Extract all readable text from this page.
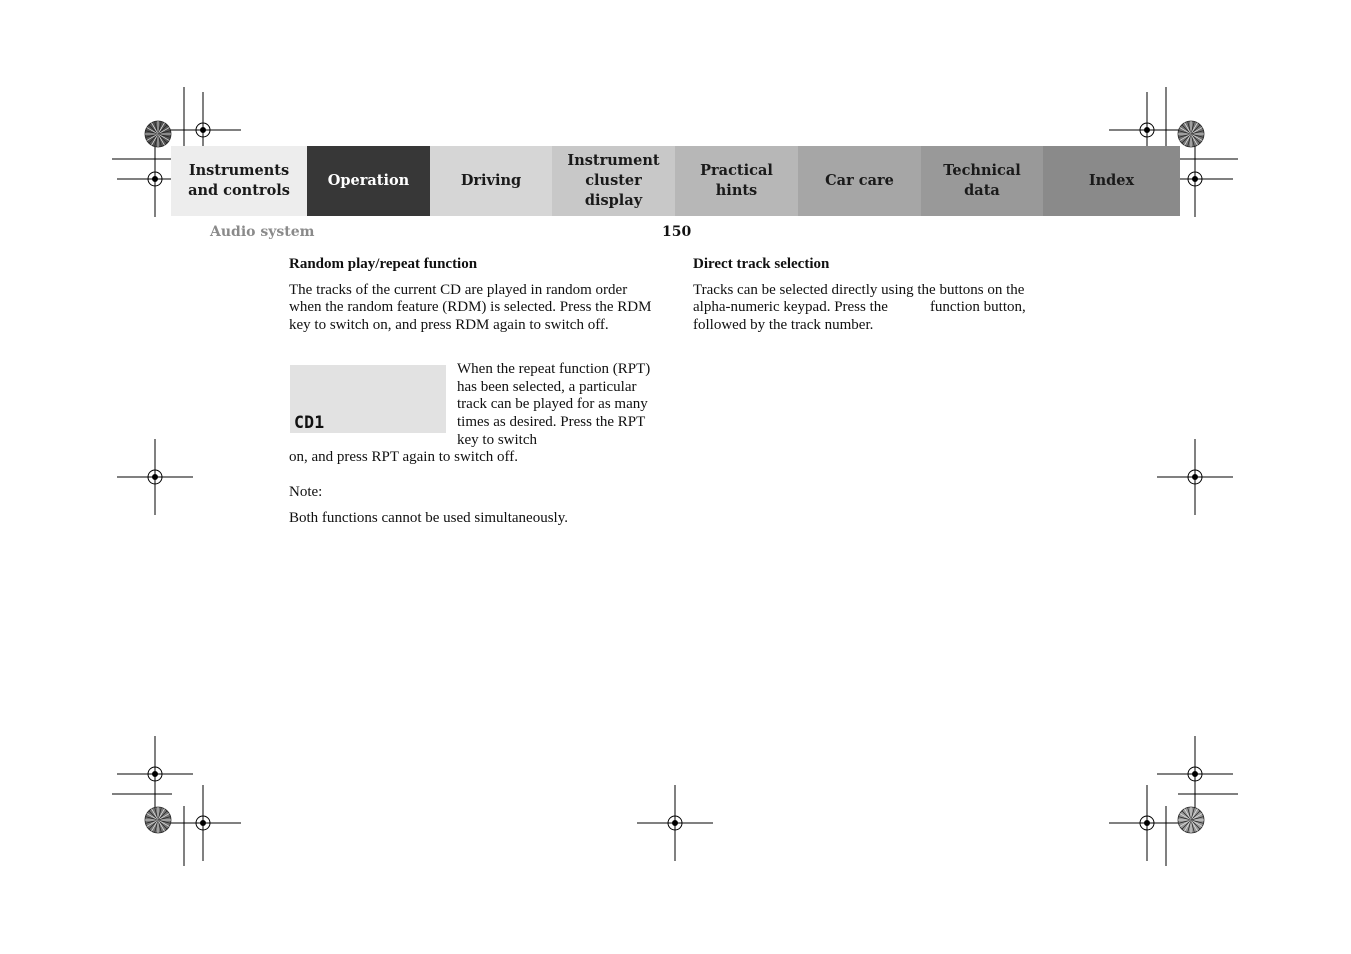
Instruments
and controls
Operation	Driving
Instrument
cluster display
Practical hints
Car care
Technical
data
Index
Audio system	150
Random play/repeat function

The tracks of the current CD are played in random order when the random feature (RDM) is selected. Press the RDM key to switch on, and press RDM again to switch off.

CD1

When the repeat function (RPT) has been selected, a particular track can be played for as many times as desired. Press the RPT key to switch

on, and press RPT again to switch off.

Note:

Both functions cannot be used simultaneously.

Direct track selection

Tracks can be selected directly using the buttons on the

alpha-numeric keypad. Press the	function button,

followed by the track number.
